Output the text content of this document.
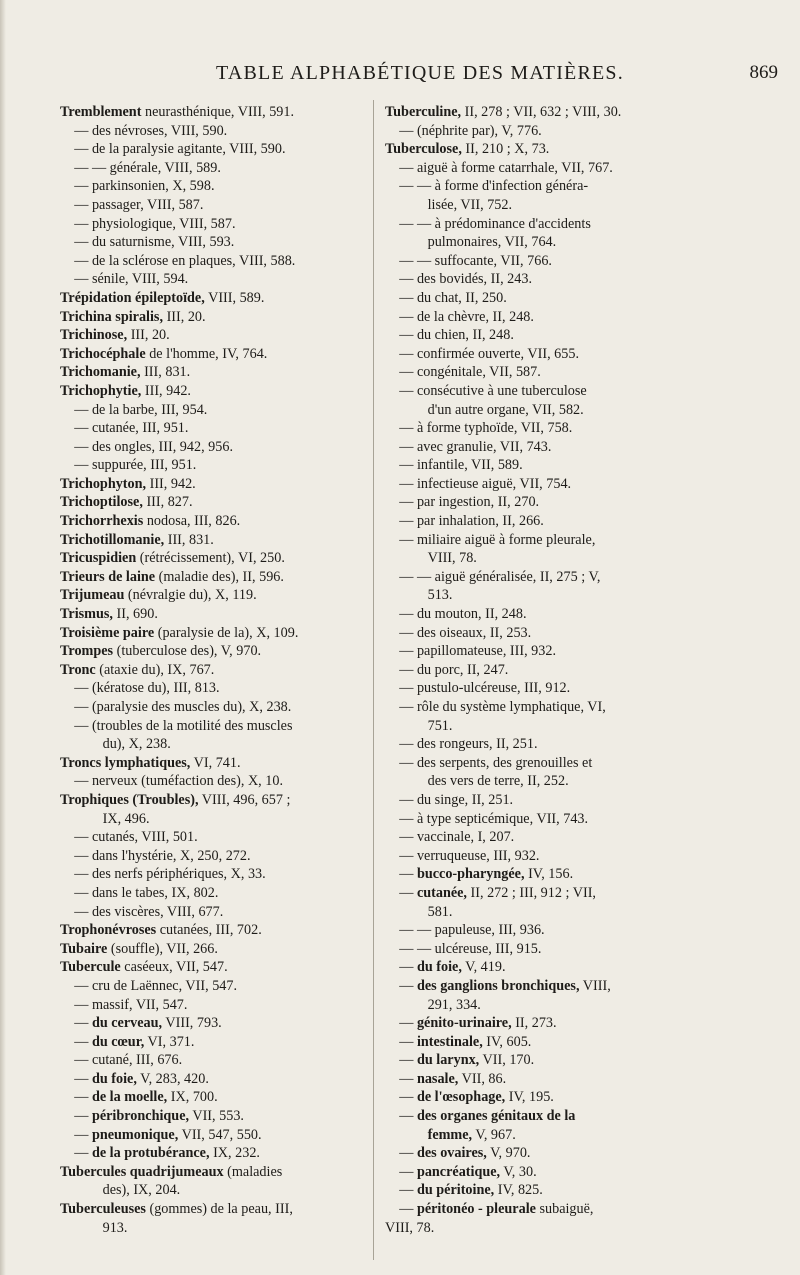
TABLE ALPHABÉTIQUE DES MATIÈRES.	869
Tremblement neurasthénique, VIII, 591.
— des névroses, VIII, 590.
— de la paralysie agitante, VIII, 590.
— — générale, VIII, 589.
— parkinsonien, X, 598.
— passager, VIII, 587.
— physiologique, VIII, 587.
— du saturnisme, VIII, 593.
— de la sclérose en plaques, VIII, 588.
— sénile, VIII, 594.
Trépidation épileptoïde, VIII, 589.
Trichina spiralis, III, 20.
Trichinose, III, 20.
Trichocéphale de l'homme, IV, 764.
Trichomanie, III, 831.
Trichophytie, III, 942.
— de la barbe, III, 954.
— cutanée, III, 951.
— des ongles, III, 942, 956.
— suppurée, III, 951.
Trichophyton, III, 942.
Trichoptilose, III, 827.
Trichorrhexis nodosa, III, 826.
Trichotillomanie, III, 831.
Tricuspidien (rétrécissement), VI, 250.
Trieurs de laine (maladie des), II, 596.
Trijumeau (névralgie du), X, 119.
Trismus, II, 690.
Troisième paire (paralysie de la), X, 109.
Trompes (tuberculose des), V, 970.
Tronc (ataxie du), IX, 767.
— (kératose du), III, 813.
— (paralysie des muscles du), X, 238.
— (troubles de la motilité des muscles
du), X, 238.
Troncs lymphatiques, VI, 741.
— nerveux (tuméfaction des), X, 10.
Trophiques (Troubles), VIII, 496, 657 ;
IX, 496.
— cutanés, VIII, 501.
— dans l'hystérie, X, 250, 272.
— des nerfs périphériques, X, 33.
— dans le tabes, IX, 802.
— des viscères, VIII, 677.
Trophonévroses cutanées, III, 702.
Tubaire (souffle), VII, 266.
Tubercule caséeux, VII, 547.
— cru de Laënnec, VII, 547.
— massif, VII, 547.
— du cerveau, VIII, 793.
— du cœur, VI, 371.
— cutané, III, 676.
— du foie, V, 283, 420.
— de la moelle, IX, 700.
— péribronchique, VII, 553.
— pneumonique, VII, 547, 550.
— de la protubérance, IX, 232.
Tubercules quadrijumeaux (maladies
des), IX, 204.
Tuberculeuses (gommes) de la peau, III,
913.
Tuberculine, II, 278 ; VII, 632 ; VIII, 30.
— (néphrite par), V, 776.
Tuberculose, II, 210 ; X, 73.
— aiguë à forme catarrhale, VII, 767.
— — à forme d'infection généra-
lisée, VII, 752.
— — à prédominance d'accidents
pulmonaires, VII, 764.
— — suffocante, VII, 766.
— des bovidés, II, 243.
— du chat, II, 250.
— de la chèvre, II, 248.
— du chien, II, 248.
— confirmée ouverte, VII, 655.
— congénitale, VII, 587.
— consécutive à une tuberculose
d'un autre organe, VII, 582.
— à forme typhoïde, VII, 758.
— avec granulie, VII, 743.
— infantile, VII, 589.
— infectieuse aiguë, VII, 754.
— par ingestion, II, 270.
— par inhalation, II, 266.
— miliaire aiguë à forme pleurale,
VIII, 78.
— — aiguë généralisée, II, 275 ; V,
513.
— du mouton, II, 248.
— des oiseaux, II, 253.
— papillomateuse, III, 932.
— du porc, II, 247.
— pustulo-ulcéreuse, III, 912.
— rôle du système lymphatique, VI,
751.
— des rongeurs, II, 251.
— des serpents, des grenouilles et
des vers de terre, II, 252.
— du singe, II, 251.
— à type septicémique, VII, 743.
— vaccinale, I, 207.
— verruqueuse, III, 932.
— bucco-pharyngée, IV, 156.
— cutanée, II, 272 ; III, 912 ; VII,
581.
— — papuleuse, III, 936.
— — ulcéreuse, III, 915.
— du foie, V, 419.
— des ganglions bronchiques, VIII,
291, 334.
— génito-urinaire, II, 273.
— intestinale, IV, 605.
— du larynx, VII, 170.
— nasale, VII, 86.
— de l'œsophage, IV, 195.
— des organes génitaux de la
femme, V, 967.
— des ovaires, V, 970.
— pancréatique, V, 30.
— du péritoine, IV, 825.
— péritonéo - pleurale subaiguë,
VIII, 78.
